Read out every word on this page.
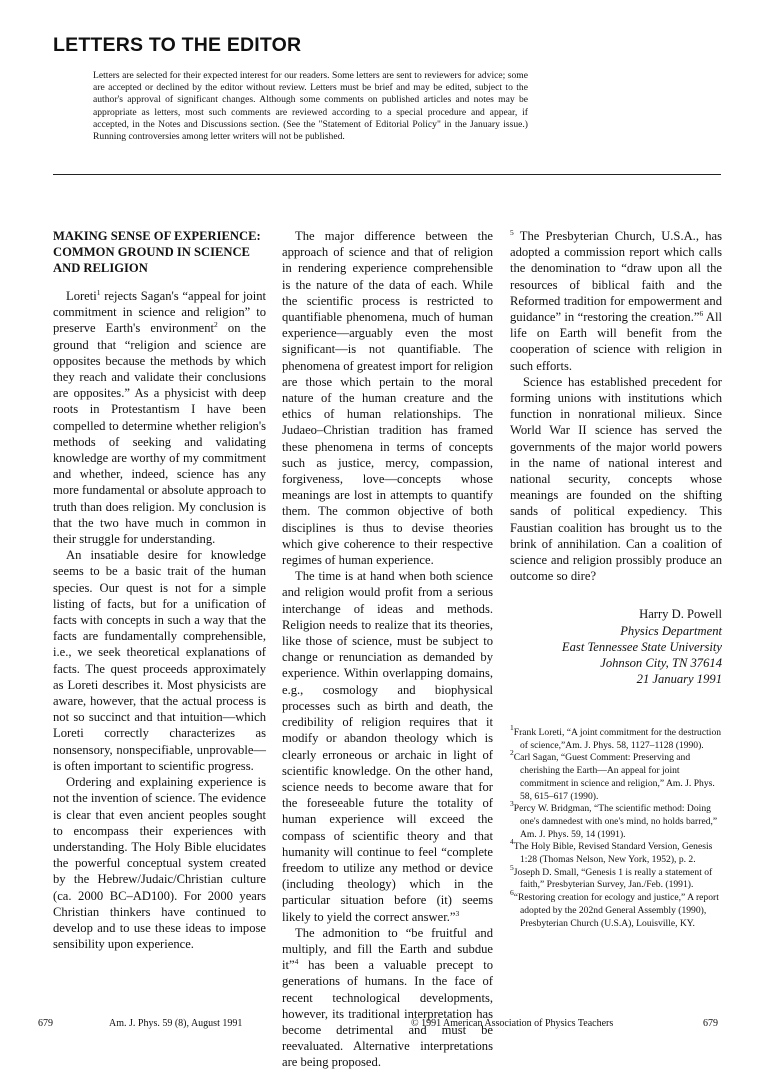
LETTERS TO THE EDITOR

Letters are selected for their expected interest for our readers. Some letters are sent to reviewers for advice; some are accepted or declined by the editor without review. Letters must be brief and may be edited, subject to the author's approval of significant changes. Although some comments on published articles and notes may be appropriate as letters, most such comments are reviewed according to a special procedure and appear, if accepted, in the Notes and Discussions section. (See the "Statement of Editorial Policy" in the January issue.) Running controversies among letter writers will not be published.

MAKING SENSE OF EXPERIENCE: COMMON GROUND IN SCIENCE AND RELIGION

Loreti$^1$ rejects Sagan's “appeal for joint commitment in science and religion” to preserve Earth's environment$^2$ on the ground that “religion and science are opposites because the methods by which they reach and validate their conclusions are opposites.” As a physicist with deep roots in Protestantism I have been compelled to determine whether religion's methods of seeking and validating knowledge are worthy of my commitment and whether, indeed, science has any more fundamental or absolute approach to truth than does religion. My conclusion is that the two have much in common in their struggle for understanding.

An insatiable desire for knowledge seems to be a basic trait of the human species. Our quest is not for a simple listing of facts, but for a unification of facts with concepts in such a way that the facts are fundamentally comprehensible, i.e., we seek theoretical explanations of facts. The quest proceeds approximately as Loreti describes it. Most physicists are aware, however, that the actual process is not so succinct and that intuition—which Loreti correctly characterizes as nonsensory, nonspecifiable, unprovable—is often important to scientific progress.

Ordering and explaining experience is not the invention of science. The evidence is clear that even ancient peoples sought to encompass their experiences with understanding. The Holy Bible elucidates the powerful conceptual system created by the Hebrew/Judaic/Christian culture (ca. 2000 BC–AD100). For 2000 years Christian thinkers have continued to develop and to use these ideas to impose sensibility upon experience.

The major difference between the approach of science and that of religion in rendering experience comprehensible is the nature of the data of each. While the scientific process is restricted to quantifiable phenomena, much of human experience—arguably even the most significant—is not quantifiable. The phenomena of greatest import for religion are those which pertain to the moral nature of the human creature and the ethics of human relationships. The Judaeo–Christian tradition has framed these phenomena in terms of concepts such as justice, mercy, compassion, forgiveness, love—concepts whose meanings are lost in attempts to quantify them. The common objective of both disciplines is thus to devise theories which give coherence to their respective regimes of human experience.

The time is at hand when both science and religion would profit from a serious interchange of ideas and methods. Religion needs to realize that its theories, like those of science, must be subject to change or renunciation as demanded by experience. Within overlapping domains, e.g., cosmology and biophysical processes such as birth and death, the credibility of religion requires that it modify or abandon theology which is clearly erroneous or archaic in light of scientific knowledge. On the other hand, science needs to become aware that for the foreseeable future the totality of human experience will exceed the compass of scientific theory and that humanity will continue to feel “complete freedom to utilize any method or device (including theology) which in the particular situation before (it) seems likely to yield the correct answer.”$^3$

The admonition to “be fruitful and multiply, and fill the Earth and subdue it”$^4$ has been a valuable precept to generations of humans. In the face of recent technological developments, however, its traditional interpretation has become detrimental and must be reevaluated. Alternative interpretations are being proposed.

$^5$ The Presbyterian Church, U.S.A., has adopted a commission report which calls the denomination to “draw upon all the resources of biblical faith and the Reformed tradition for empowerment and guidance” in “restoring the creation.”$^6$ All life on Earth will benefit from the cooperation of science with religion in such efforts.

Science has established precedent for forming unions with institutions which function in nonrational milieux. Since World War II science has served the governments of the major world powers in the name of national interest and national security, concepts whose meanings are founded on the shifting sands of political expediency. This Faustian coalition has brought us to the brink of annihilation. Can a coalition of science and religion prossibly produce an outcome so dire?

Harry D. Powell
Physics Department
East Tennessee State University
Johnson City, TN 37614
21 January 1991

$^1$Frank Loreti, “A joint commitment for the destruction of science,”Am. J. Phys. 58, 1127–1128 (1990).

$^2$Carl Sagan, “Guest Comment: Preserving and cherishing the Earth—An appeal for joint commitment in science and religion,” Am. J. Phys. 58, 615–617 (1990).

$^3$Percy W. Bridgman, “The scientific method: Doing one's damnedest with one's mind, no holds barred,” Am. J. Phys. 59, 14 (1991).

$^4$The Holy Bible, Revised Standard Version, Genesis 1:28 (Thomas Nelson, New York, 1952), p. 2.

$^5$Joseph D. Small, “Genesis 1 is really a statement of faith,” Presbyterian Survey, Jan./Feb. (1991).

$^6$“Restoring creation for ecology and justice,” A report adopted by the 202nd General Assembly (1990), Presbyterian Church (U.S.A), Louisville, KY.

679	Am. J. Phys. 59 (8), August 1991	© 1991 American Association of Physics Teachers	679
